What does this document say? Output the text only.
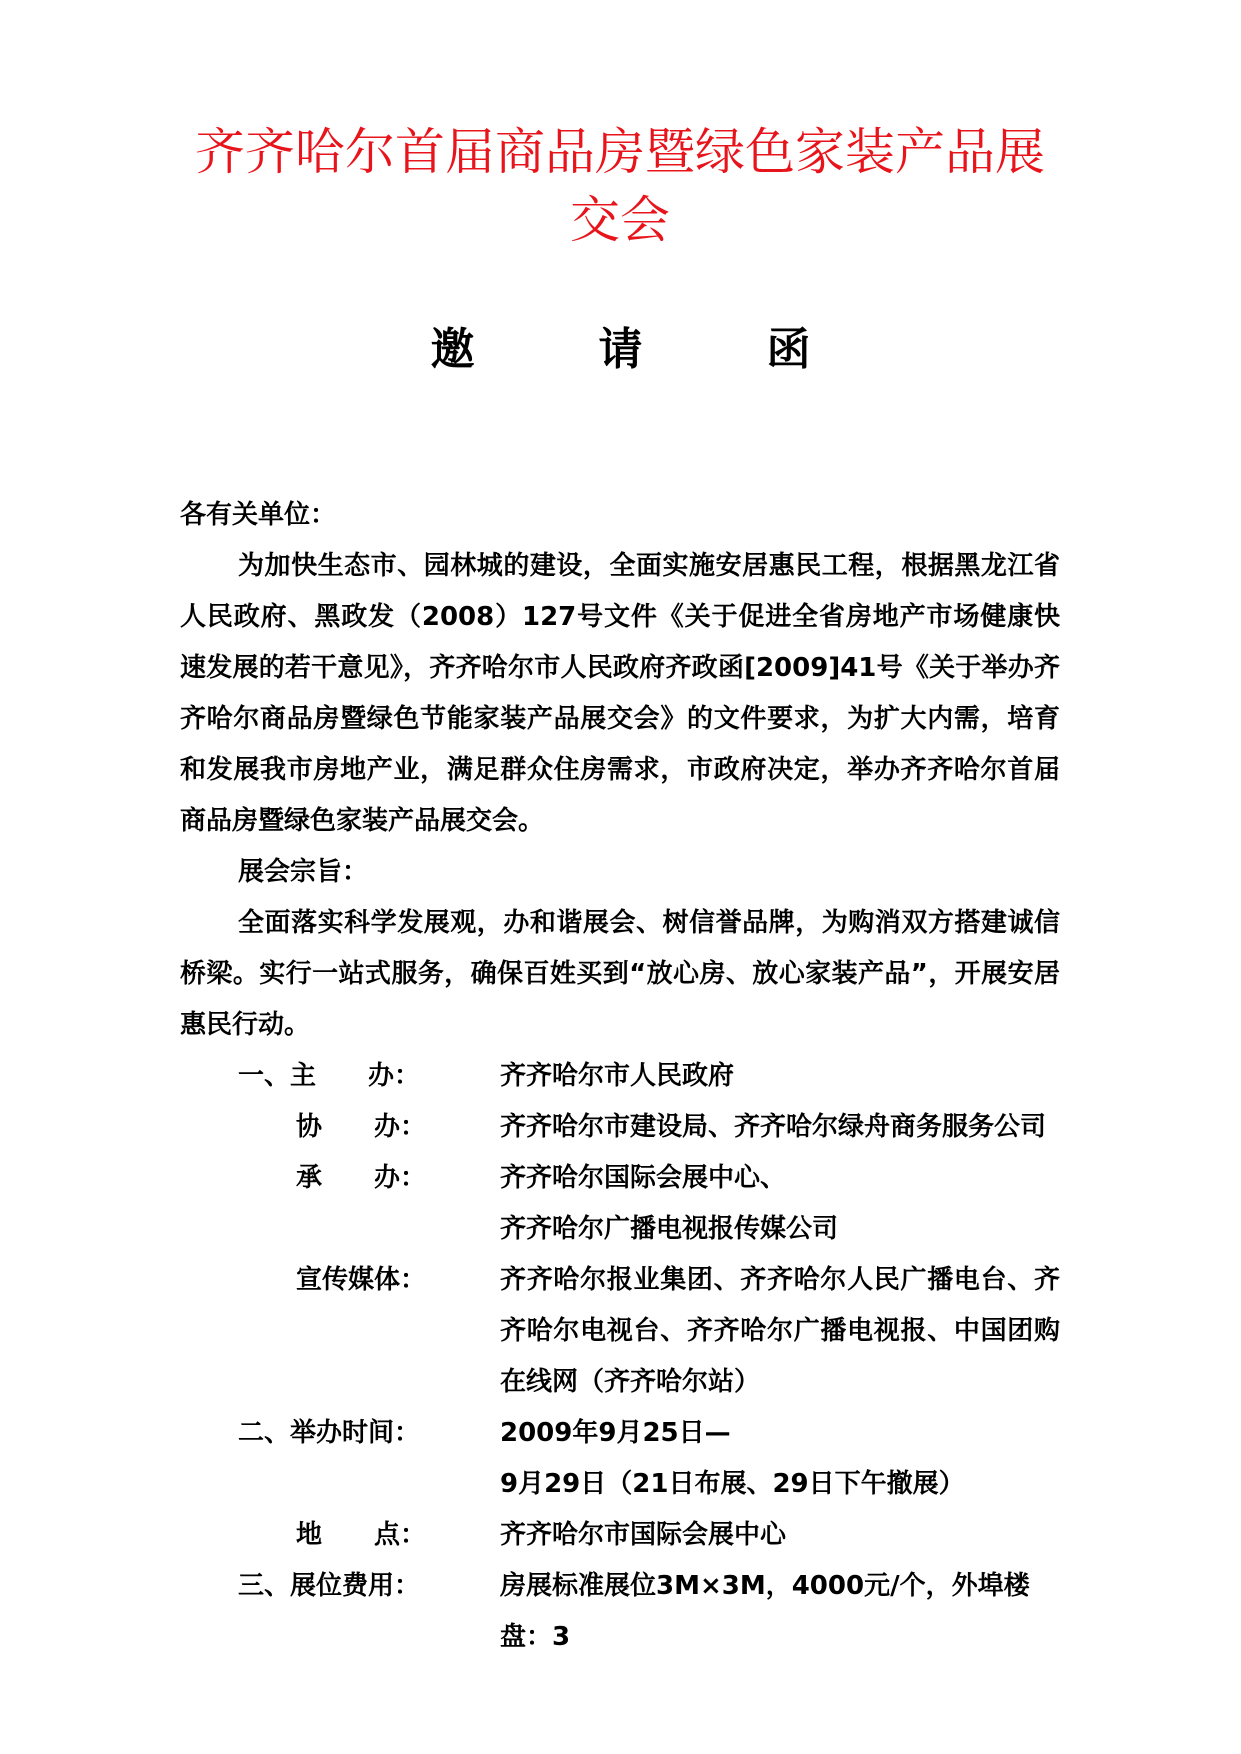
齐齐哈尔首届商品房暨绿色家装产品展交会
邀	请	函

各有关单位：

为加快生态市、园林城的建设，全面实施安居惠民工程，根据黑龙江省人民政府、黑政发（2008）127号文件《关于促进全省房地产市场健康快速发展的若干意见》，齐齐哈尔市人民政府齐政函[2009]41号《关于举办齐齐哈尔商品房暨绿色节能家装产品展交会》的文件要求，为扩大内需，培育和发展我市房地产业，满足群众住房需求，市政府决定，举办齐齐哈尔首届商品房暨绿色家装产品展交会。

展会宗旨：

全面落实科学发展观，办和谐展会、树信誉品牌，为购消双方搭建诚信桥梁。实行一站式服务，确保百姓买到“放心房、放心家装产品”，开展安居惠民行动。

一、主　　办：	齐齐哈尔市人民政府
协　　办：	齐齐哈尔市建设局、齐齐哈尔绿舟商务服务公司
承　　办：	齐齐哈尔国际会展中心、
齐齐哈尔广播电视报传媒公司
宣传媒体：	齐齐哈尔报业集团、齐齐哈尔人民广播电台、齐齐哈尔电视台、齐齐哈尔广播电视报、中国团购在线网（齐齐哈尔站）
二、举办时间：	2009年9月25日—
9月29日（21日布展、29日下午撤展）
地　　点：	齐齐哈尔市国际会展中心
三、展位费用：	房展标准展位3M×3M，4000元/个，外埠楼盘：3
